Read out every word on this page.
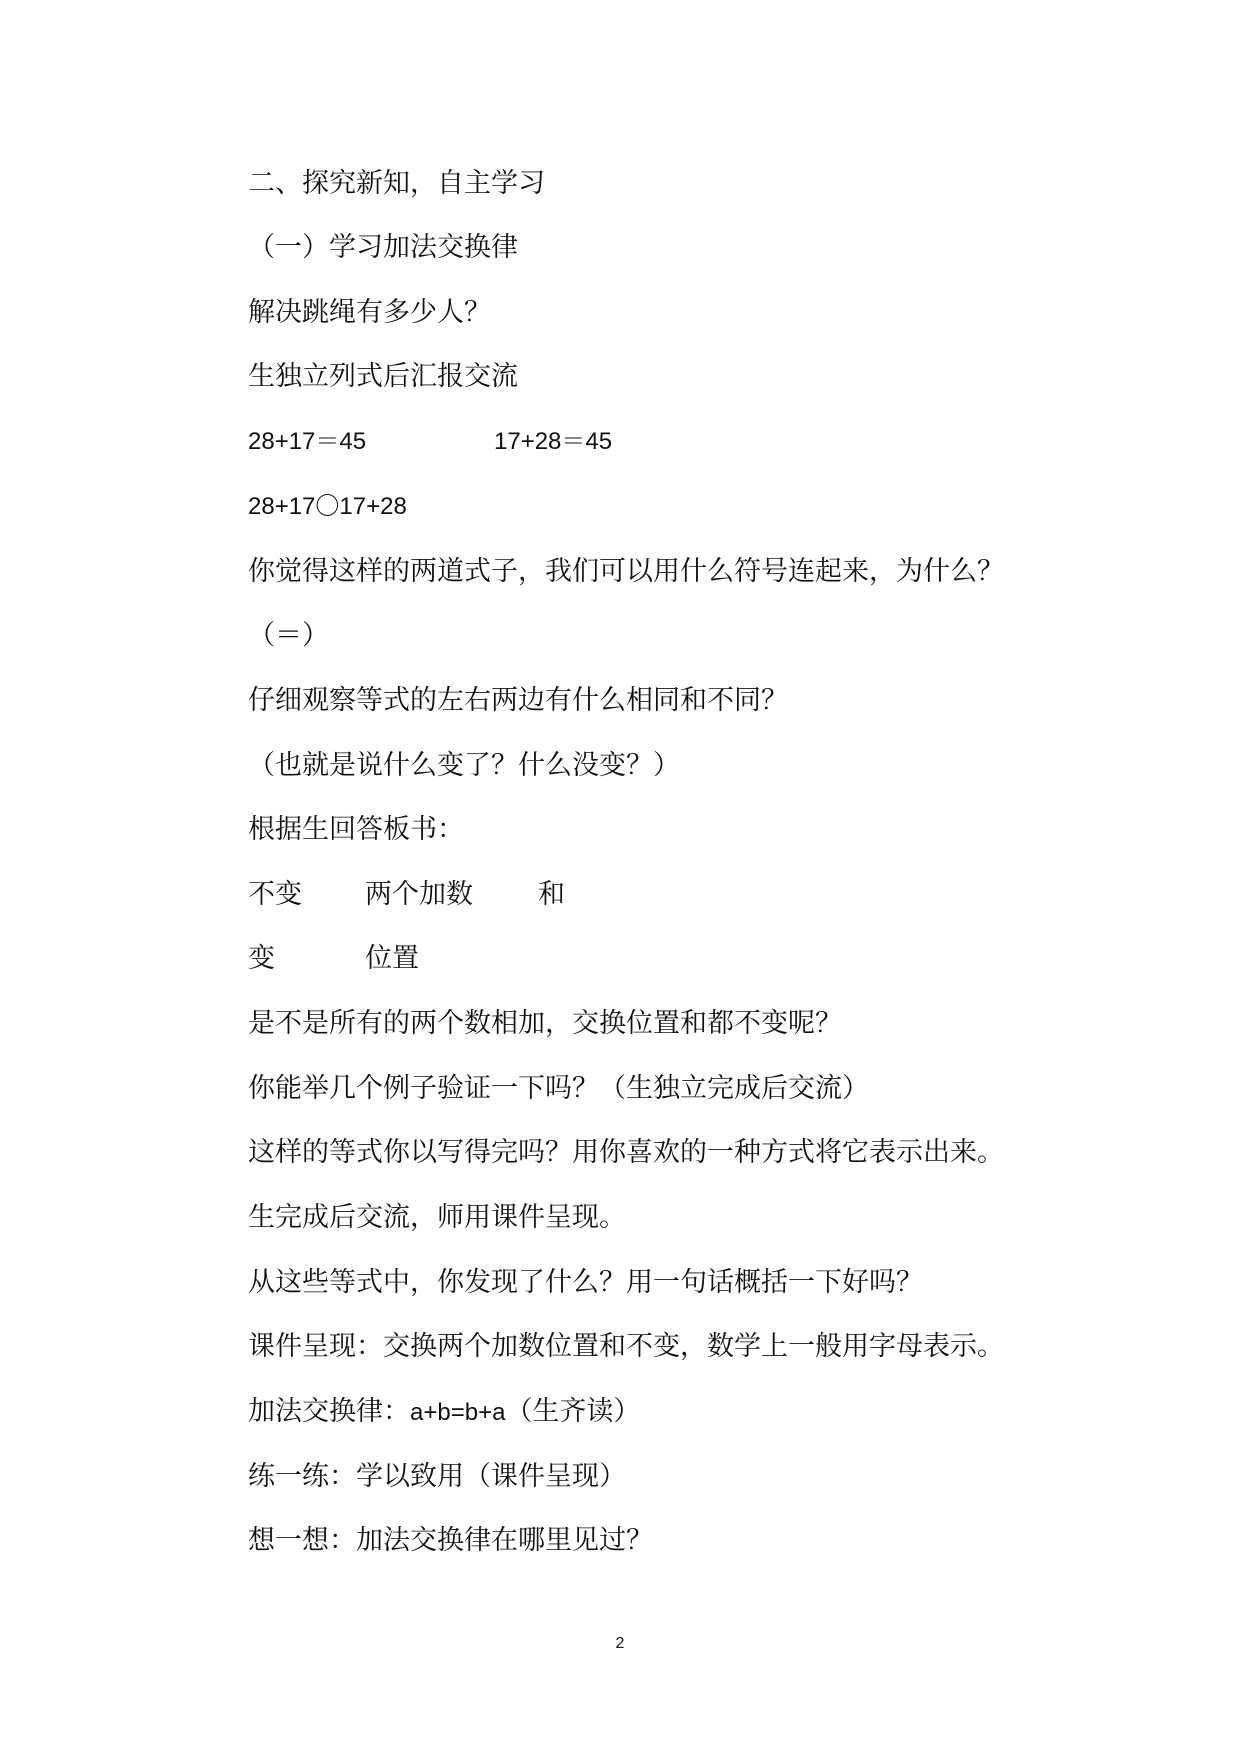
二、探究新知，自主学习

（一）学习加法交换律

解决跳绳有多少人？

生独立列式后汇报交流

28+17＝45	17+28＝45

28+17〇17+28

你觉得这样的两道式子，我们可以用什么符号连起来，为什么？

（＝）

仔细观察等式的左右两边有什么相同和不同？

（也就是说什么变了？什么没变？）

根据生回答板书：

不变 两个加数 和
变	位置

是不是所有的两个数相加，交换位置和都不变呢？

你能举几个例子验证一下吗？（生独立完成后交流）

这样的等式你以写得完吗？用你喜欢的一种方式将它表示出来。

生完成后交流，师用课件呈现。

从这些等式中，你发现了什么？用一句话概括一下好吗？

课件呈现：交换两个加数位置和不变，数学上一般用字母表示。

加法交换律：a+b=b+a（生齐读）

练一练：学以致用（课件呈现）

想一想：加法交换律在哪里见过？

2
